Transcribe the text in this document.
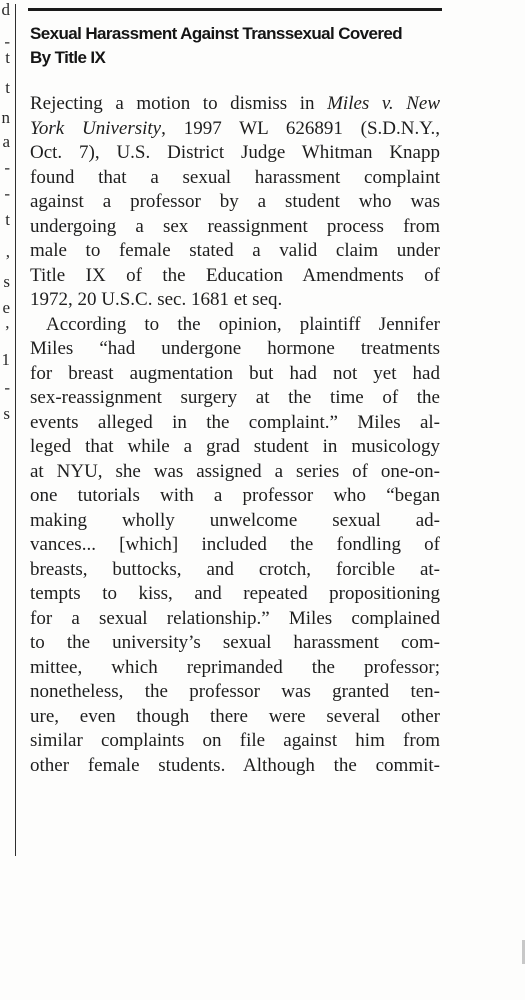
d
-
t
t
n
a
-
-
t
,
s
e
’
1
-
s
Sexual Harassment Against Transsexual Covered
By Title IX
Rejecting a motion to dismiss in Miles v. New
York University, 1997 WL 626891 (S.D.N.Y.,
Oct. 7), U.S. District Judge Whitman Knapp
found that a sexual harassment complaint
against a professor by a student who was
undergoing a sex reassignment process from
male to female stated a valid claim under
Title IX of the Education Amendments of
1972, 20 U.S.C. sec. 1681 et seq.
According to the opinion, plaintiff Jennifer
Miles “had undergone hormone treatments
for breast augmentation but had not yet had
sex-reassignment surgery at the time of the
events alleged in the complaint.” Miles al-
leged that while a grad student in musicology
at NYU, she was assigned a series of one-on-
one tutorials with a professor who “began
making wholly unwelcome sexual ad-
vances... [which] included the fondling of
breasts, buttocks, and crotch, forcible at-
tempts to kiss, and repeated propositioning
for a sexual relationship.” Miles complained
to the university’s sexual harassment com-
mittee, which reprimanded the professor;
nonetheless, the professor was granted ten-
ure, even though there were several other
similar complaints on file against him from
other female students. Although the commit-
